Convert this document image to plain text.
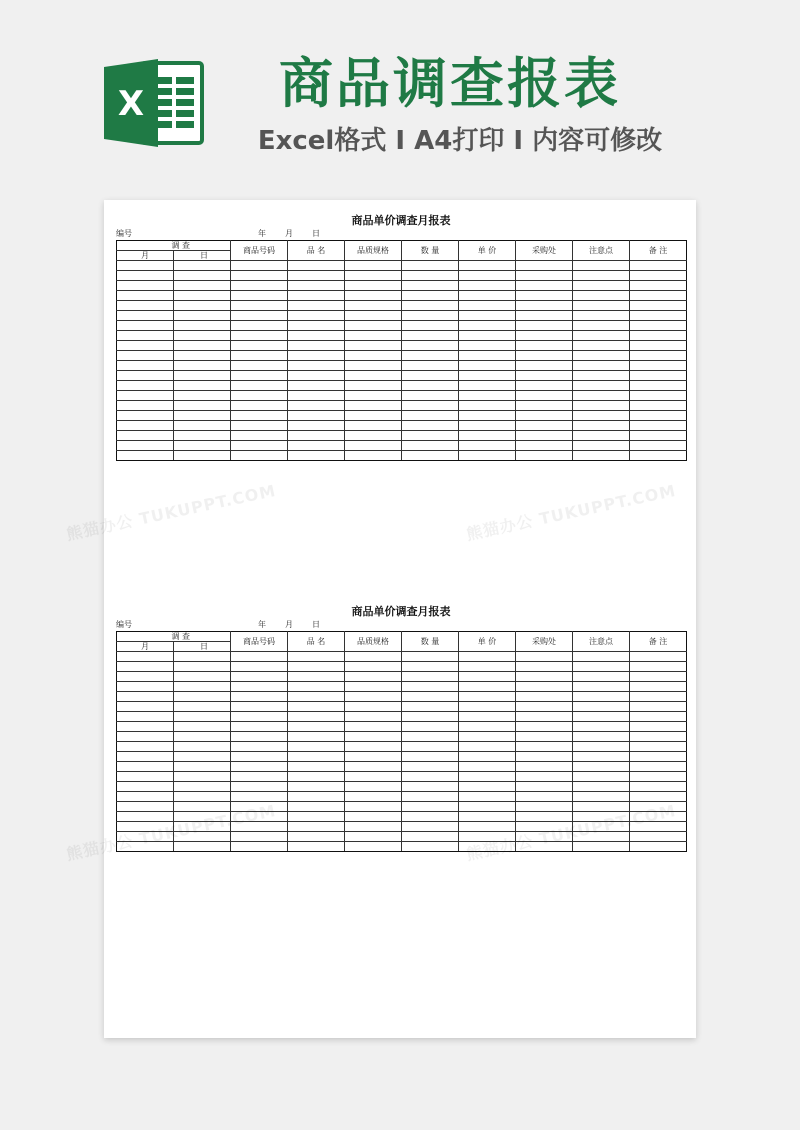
X	商品调查报表
Excel格式 I A4打印 I 内容可修改
商品单价调查月报表
编号	年 月 日
调 查		商品号码	品 名	品质规格	数 量	单 价	采购处	注意点	备 注
月	日								

商品单价调查月报表
编号	年 月 日
调 查		商品号码	品 名	品质规格	数 量	单 价	采购处	注意点	备 注
月	日								

熊猫办公 TUKUPPT.COM	熊猫办公 TUKUPPT.COM
熊猫办公 TUKUPPT.COM	熊猫办公 TUKUPPT.COM
